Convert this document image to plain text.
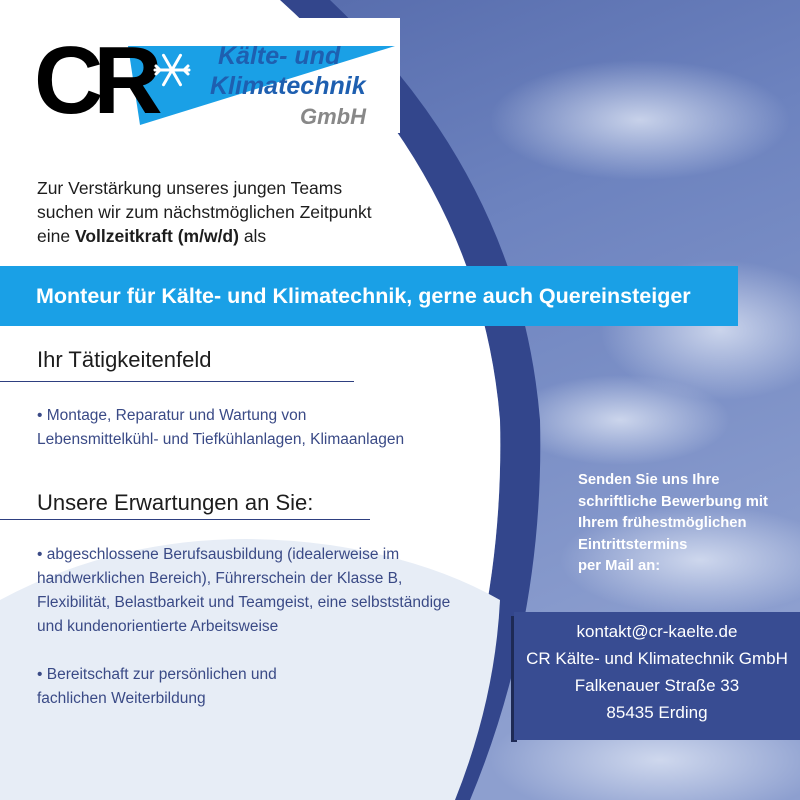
CR	Kälte- und
Klimatechnik
GmbH
Zur Verstärkung unseres jungen Teams
suchen wir zum nächstmöglichen Zeitpunkt
eine Vollzeitkraft (m/w/d) als
Monteur für Kälte- und Klimatechnik, gerne auch Quereinsteiger
Ihr Tätigkeitenfeld
• Montage, Reparatur und Wartung von
Lebensmittelkühl- und Tiefkühlanlagen, Klimaanlagen
Unsere Erwartungen an Sie:
• abgeschlossene Berufsausbildung (idealerweise im
handwerklichen Bereich), Führerschein der Klasse B,
Flexibilität, Belastbarkeit und Teamgeist, eine selbstständige
und kundenorientierte Arbeitsweise
• Bereitschaft zur persönlichen und
fachlichen Weiterbildung
Senden Sie uns Ihre
schriftliche Bewerbung mit
Ihrem frühestmöglichen
Eintrittstermins
per Mail an:
kontakt@cr-kaelte.de
CR Kälte- und Klimatechnik GmbH
Falkenauer Straße 33
85435 Erding
